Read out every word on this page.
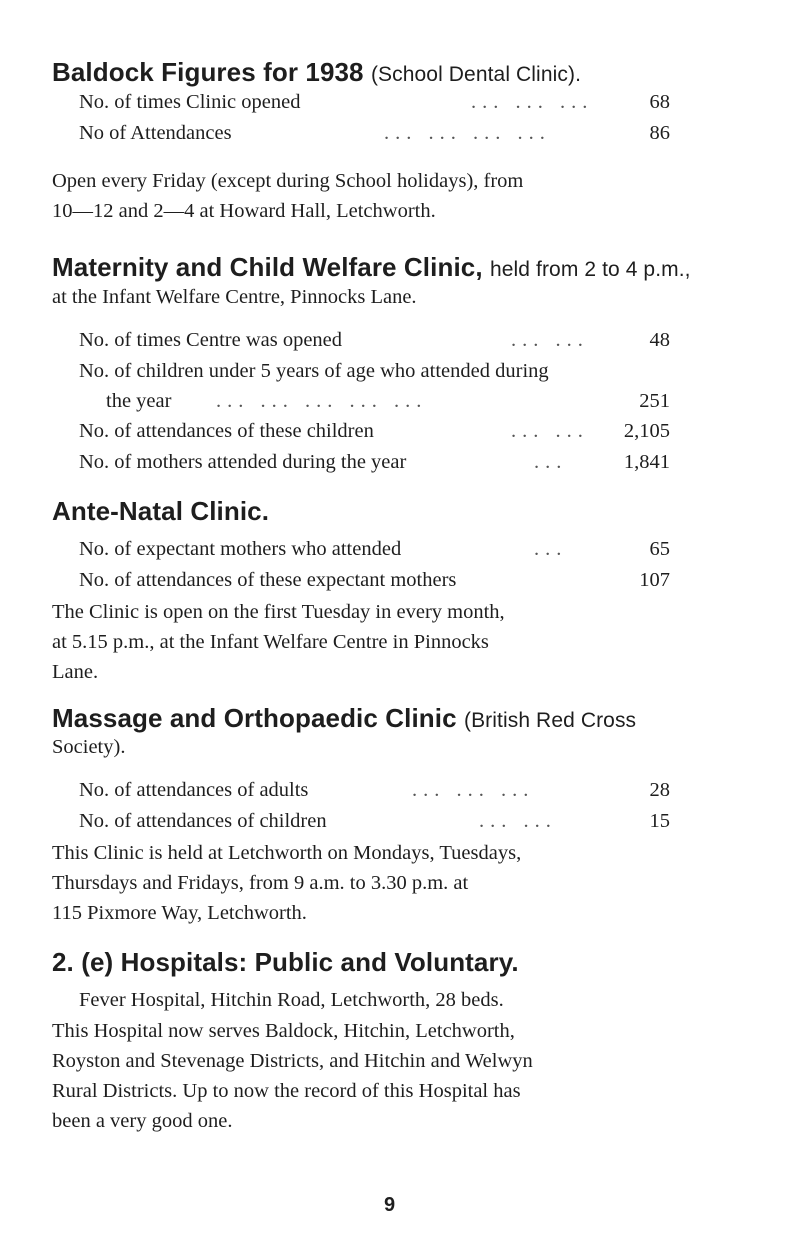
Baldock Figures for 1938 (School Dental Clinic).
No. of times Clinic opened	... ... ...	68
No of Attendances	... ... ... ...	86
Open every Friday (except during School holidays), from
10—12 and 2—4 at Howard Hall, Letchworth.
Maternity and Child Welfare Clinic, held from 2 to 4 p.m.,
at the Infant Welfare Centre, Pinnocks Lane.
No. of times Centre was opened	... ...	48
No. of children under 5 years of age who attended during
the year ... ... ... ... ...	251
No. of attendances of these children	... ... 2,105
No. of mothers attended during the year	...	1,841
Ante-Natal Clinic.
No. of expectant mothers who attended	...	65
No. of attendances of these expectant mothers	107
The Clinic is open on the first Tuesday in every month,
at 5.15 p.m., at the Infant Welfare Centre in Pinnocks
Lane.
Massage and Orthopaedic Clinic (British Red Cross
Society).
No. of attendances of adults	... ... ...	28
No. of attendances of children	... ...	15
This Clinic is held at Letchworth on Mondays, Tuesdays,
Thursdays and Fridays, from 9 a.m. to 3.30 p.m. at
115 Pixmore Way, Letchworth.
2. (e) Hospitals: Public and Voluntary.
Fever Hospital, Hitchin Road, Letchworth, 28 beds.
This Hospital now serves Baldock, Hitchin, Letchworth,
Royston and Stevenage Districts, and Hitchin and Welwyn
Rural Districts. Up to now the record of this Hospital has
been a very good one.
9
